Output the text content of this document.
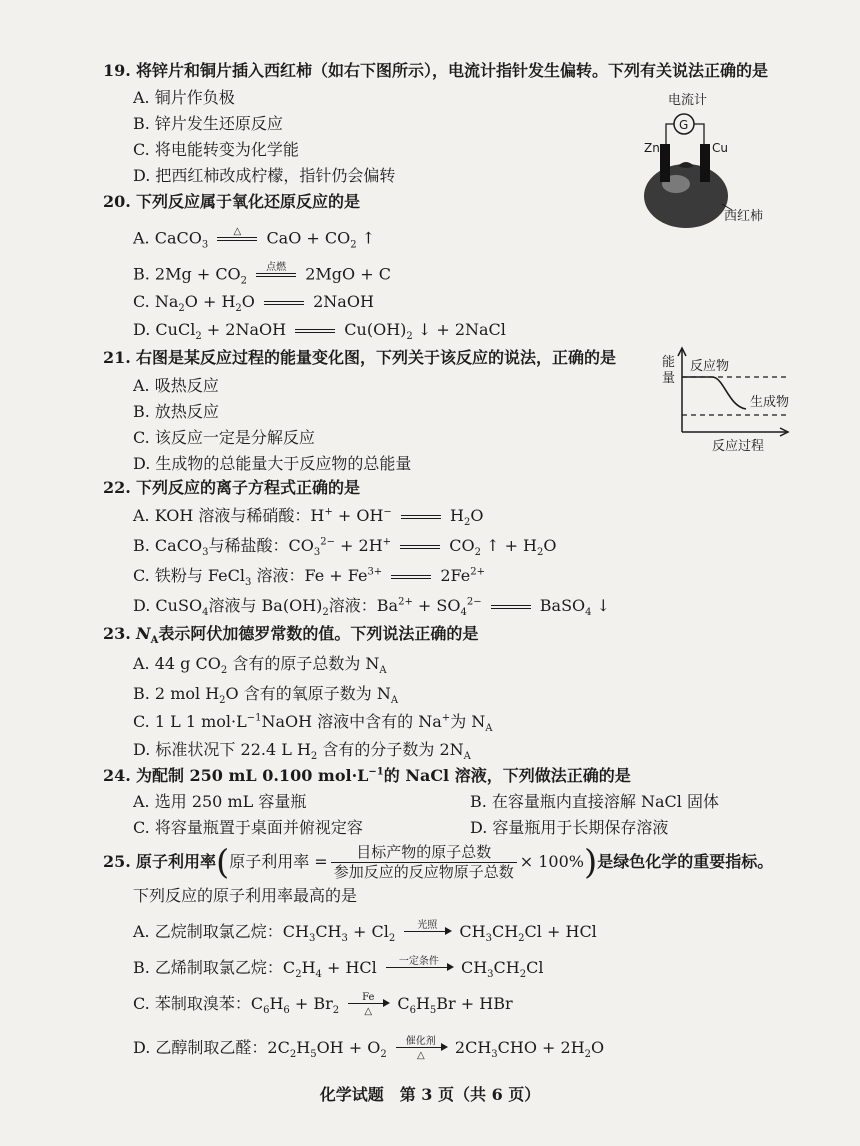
19. 将锌片和铜片插入西红柿（如右下图所示），电流计指针发生偏转。下列有关说法正确的是
A. 铜片作负极
B. 锌片发生还原反应
C. 将电能转变为化学能
D. 把西红柿改成柠檬，指针仍会偏转
电流计
G
Zn	Cu
西红柿
20. 下列反应属于氧化还原反应的是
A. CaCO$_3$
△
	CaO + $CO_2$ ↑
B. $2Mg + CO_2$
点燃
	2MgO + C
C. $Na_2O + H_2O$	2NaOH
D. CuCl$_2$ + 2NaOH	$Cu(OH)_2$ ↓ + 2NaCl
21. 右图是某反应过程的能量变化图，下列关于该反应的说法，正确的是
A. 吸热反应
B. 放热反应
C. 该反应一定是分解反应
D. 生成物的总能量大于反应物的总能量
能
量
反应物
生成物
反应过程
22. 下列反应的离子方程式正确的是
A. KOH 溶液与稀硝酸：H+ + OH−	$H_2O$
B. CaCO$_3$与稀盐酸：$CO_3^{2-} + 2H^+$	$CO_2$ ↑ + $H_2O$
C. 铁粉与 FeCl$_3$ 溶液：$Fe + Fe^{3+}$	$2Fe^{2+}$
D. CuSO$_4$溶液与 $Ba(OH)_2$溶液：$Ba^{2+} + SO_4^{2-}$	BaSO$_4$ ↓
23. $N_A$表示阿伏加德罗常数的值。下列说法正确的是
A. 44 g $CO_2$ 含有的原子总数为 $N_A$
B. 2 mol $H_2O$ 含有的氧原子数为 $N_A$
C. 1 L 1 $mol\cdot L^{-1}NaOH$ 溶液中含有的 Na+为 $N_A$
D. 标准状况下 22.4 L $H_2$ 含有的分子数为 $2N_A$
24. 为配制 250 mL 0.100 $mol\cdot L^{-1}$的 NaCl 溶液，下列做法正确的是
A. 选用 250 mL 容量瓶	B. 在容量瓶内直接溶解 NaCl 固体
C. 将容量瓶置于桌面并俯视定容	D. 容量瓶用于长期保存溶液
25. 原子利用率(原子利用率 = $\frac{\text{目标产物的原子总数}}{\text{参加反应的反应物原子总数}} \times 100\%$)是绿色化学的重要指标。
下列反应的原子利用率最高的是
A. 乙烷制取氯乙烷：$CH_3CH_3 + Cl_2$
光照
	$CH_3CH_2Cl$ + HCl
B. 乙烯制取氯乙烷：$C_2H_4$ + HCl	一定条件
	$CH_3CH_2Cl$
C. 苯制取溴苯：$C_6H_6 + Br_2$
Fe
△	$C_6H_5Br$ + HBr
D. 乙醇制取乙醛：$2C_2H_5OH + O_2$
催化剂
△	$2CH_3CHO + 2H_2O$
化学试题　第 3 页（共 6 页）
